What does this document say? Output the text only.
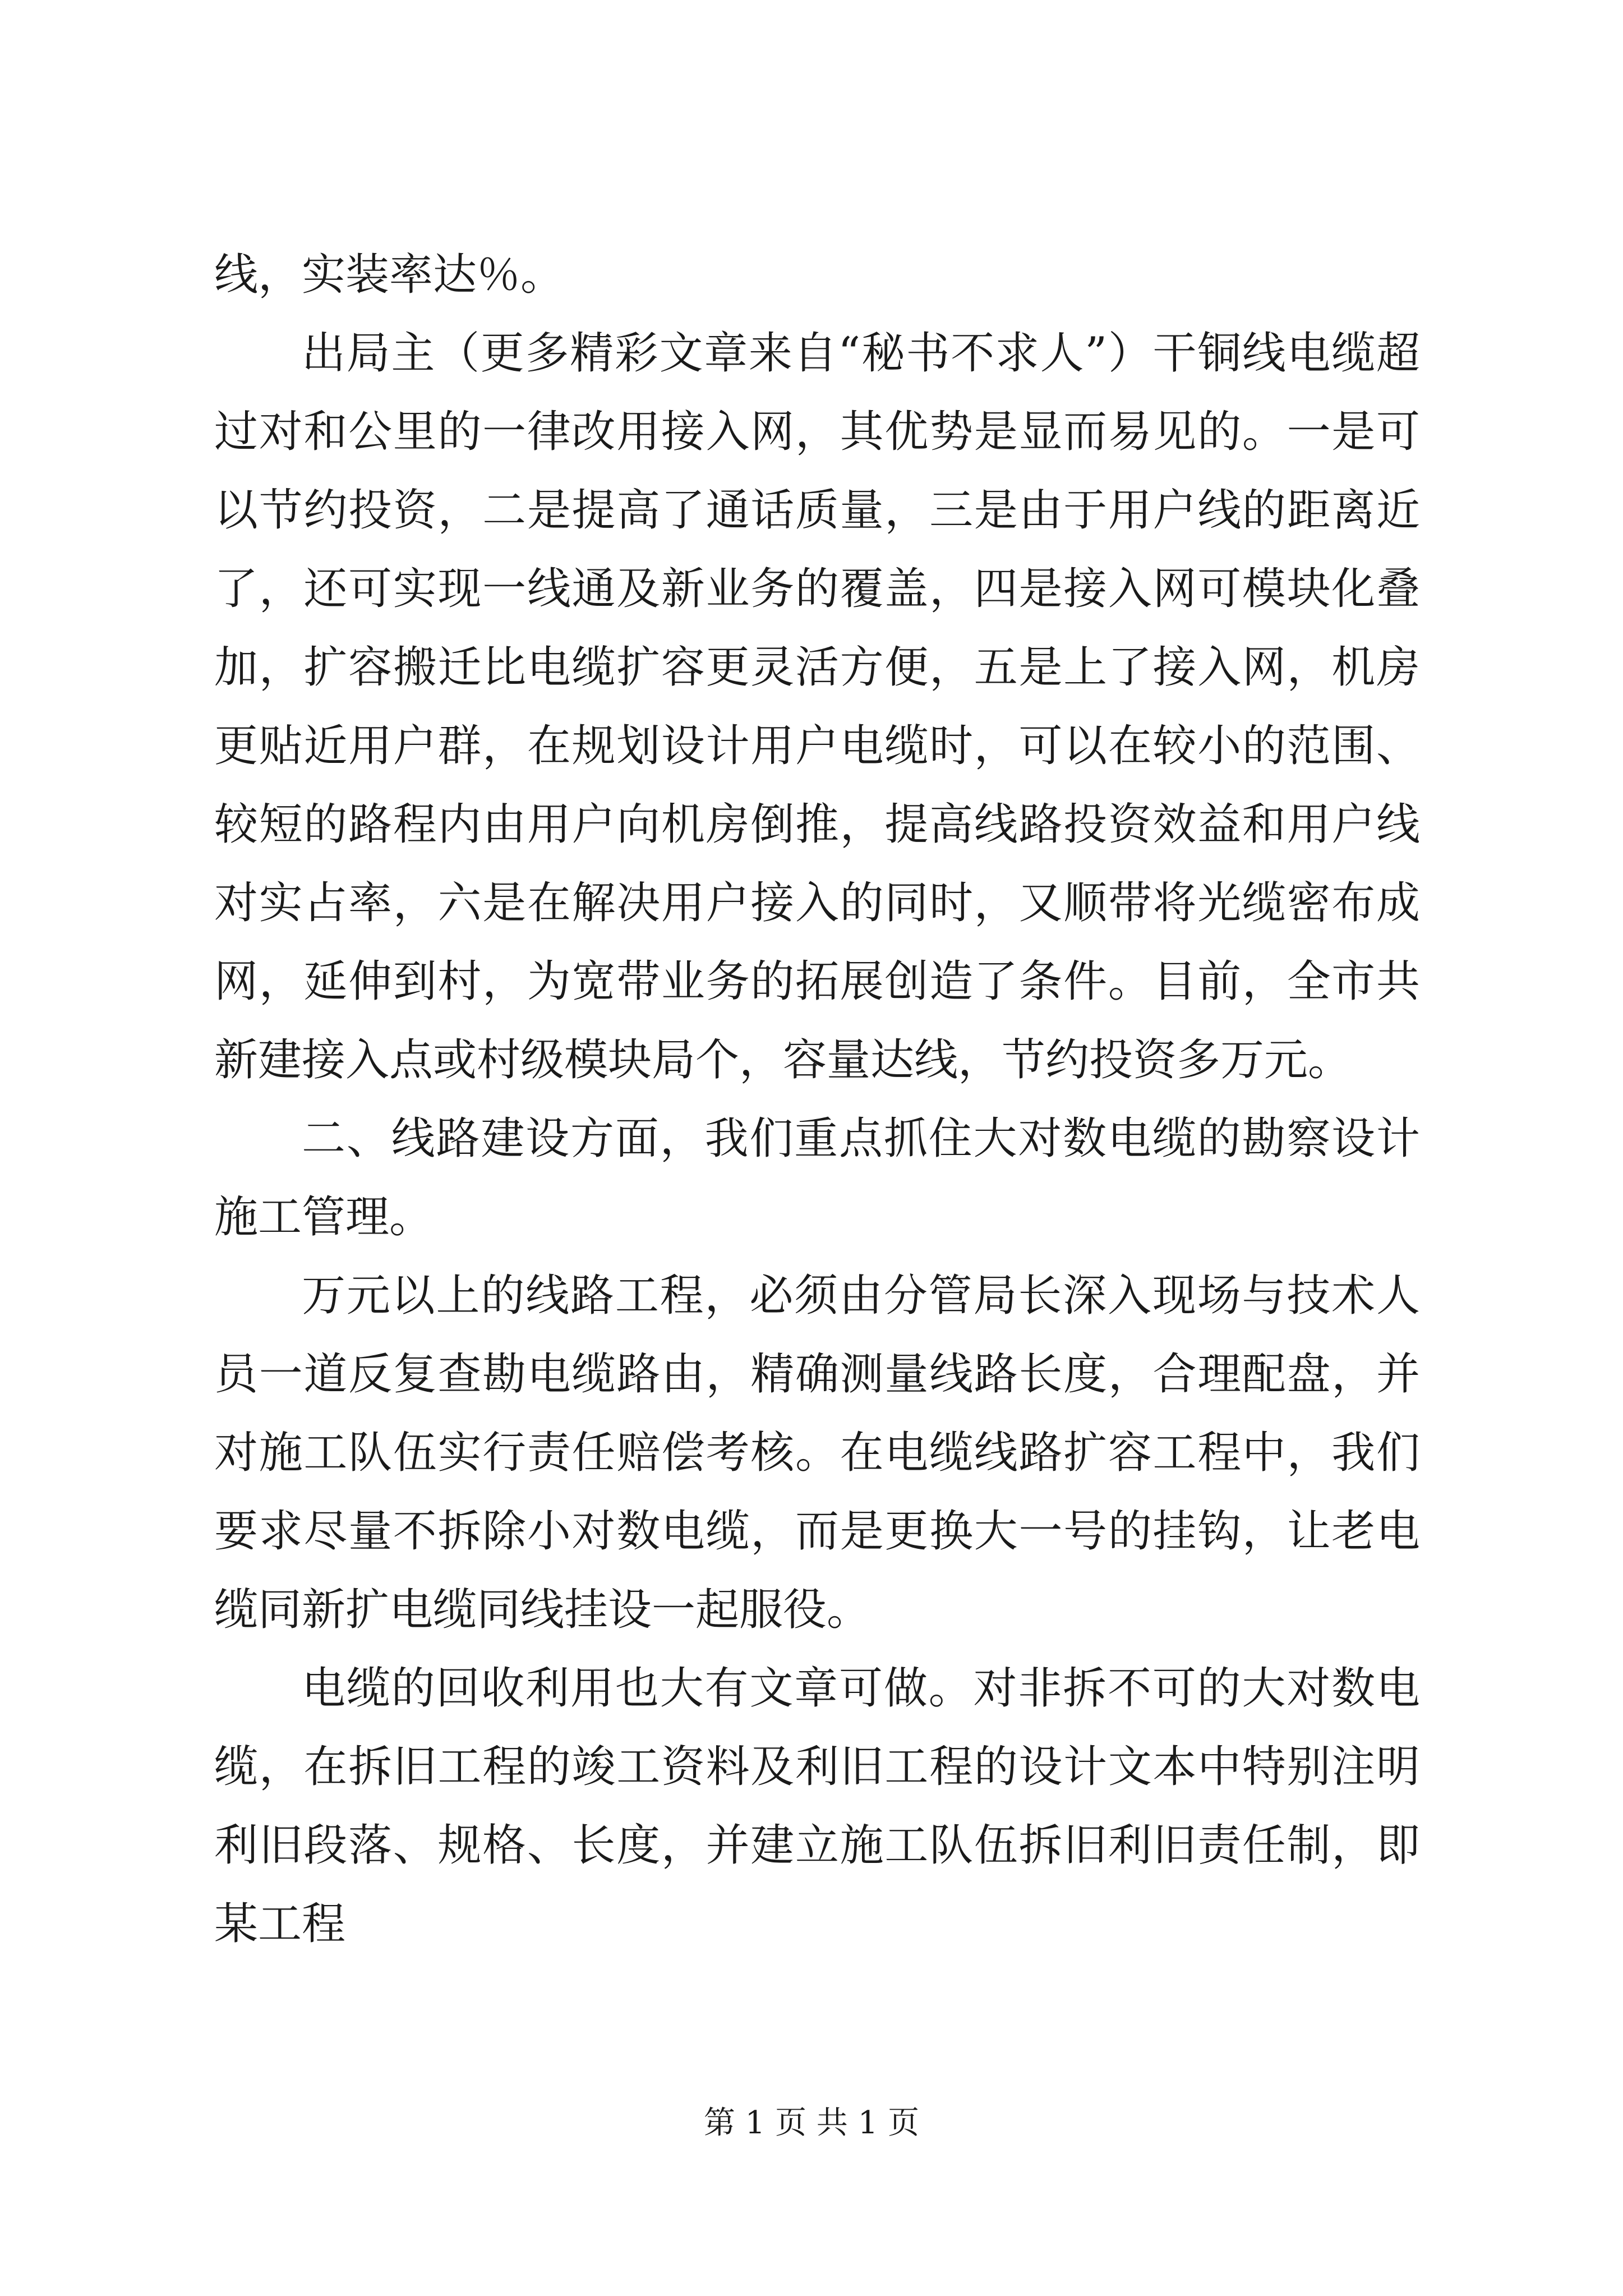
线，实装率达％。

出局主（更多精彩文章来自“秘书不求人”）干铜线电缆超过对和公里的一律改用接入网，其优势是显而易见的。一是可以节约投资，二是提高了通话质量，三是由于用户线的距离近了，还可实现一线通及新业务的覆盖，四是接入网可模块化叠加，扩容搬迁比电缆扩容更灵活方便，五是上了接入网，机房更贴近用户群，在规划设计用户电缆时，可以在较小的范围、较短的路程内由用户向机房倒推，提高线路投资效益和用户线对实占率，六是在解决用户接入的同时，又顺带将光缆密布成网，延伸到村，为宽带业务的拓展创造了条件。目前，全市共新建接入点或村级模块局个，容量达线，节约投资多万元。

二、线路建设方面，我们重点抓住大对数电缆的勘察设计施工管理。

万元以上的线路工程，必须由分管局长深入现场与技术人员一道反复查勘电缆路由，精确测量线路长度，合理配盘，并对施工队伍实行责任赔偿考核。在电缆线路扩容工程中，我们要求尽量不拆除小对数电缆，而是更换大一号的挂钩，让老电缆同新扩电缆同线挂设一起服役。

电缆的回收利用也大有文章可做。对非拆不可的大对数电缆，在拆旧工程的竣工资料及利旧工程的设计文本中特别注明利旧段落、规格、长度，并建立施工队伍拆旧利旧责任制，即某工程

第 1 页 共 1 页
